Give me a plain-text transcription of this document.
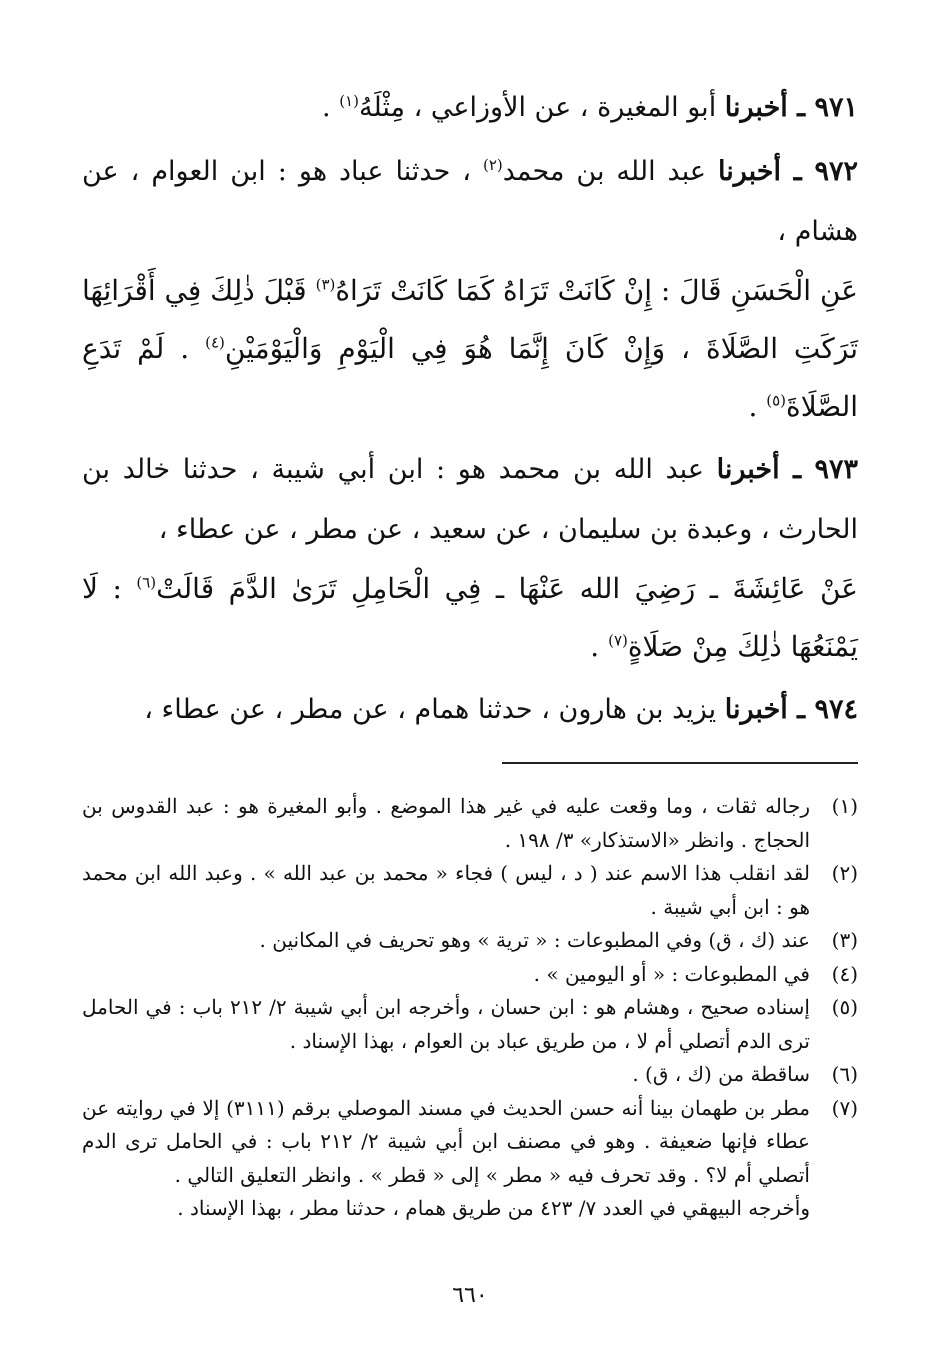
٩٧١ ـ أخبرنا أبو المغيرة ، عن الأوزاعي ، مِثْلَهُ$^{(١)}$ .

٩٧٢ ـ أخبرنا عبد الله بن محمد$^{(٢)}$ ، حدثنا عباد هو : ابن العوام ، عن هشام ،

عَنِ الْحَسَنِ قَالَ : إِنْ كَانَتْ تَرَاهُ كَمَا كَانَتْ تَرَاهُ$^{(٣)}$ قَبْلَ ذٰلِكَ فِي أَقْرَائِهَا تَرَكَتِ الصَّلَاةَ ، وَإِنْ كَانَ إِنَّمَا هُوَ فِي الْيَوْمِ وَالْيَوْمَيْنِ$^{(٤)}$ . لَمْ تَدَعِ الصَّلَاةَ$^{(٥)}$ .

٩٧٣ ـ أخبرنا عبد الله بن محمد هو : ابن أبي شيبة ، حدثنا خالد بن الحارث ، وعبدة بن سليمان ، عن سعيد ، عن مطر ، عن عطاء ،

عَنْ عَائِشَةَ ـ رَضِيَ الله عَنْهَا ـ فِي الْحَامِلِ تَرَىٰ الدَّمَ قَالَتْ$^{(٦)}$ : لَا يَمْنَعُهَا ذٰلِكَ مِنْ صَلَاةٍ$^{(٧)}$ .

٩٧٤ ـ أخبرنا يزيد بن هارون ، حدثنا همام ، عن مطر ، عن عطاء ،

(١)
رجاله ثقات ، وما وقعت عليه في غير هذا الموضع . وأبو المغيرة هو : عبد القدوس بن الحجاج . وانظر «الاستذكار» ٣/ ١٩٨ .
(٢)
لقد انقلب هذا الاسم عند ( د ، ليس ) فجاء « محمد بن عبد الله » . وعبد الله ابن محمد هو : ابن أبي شيبة .
(٣)
عند (ك ، ق) وفي المطبوعات : « ترية » وهو تحريف في المكانين .
(٤)
في المطبوعات : « أو اليومين » .
(٥)
إسناده صحيح ، وهشام هو : ابن حسان ، وأخرجه ابن أبي شيبة ٢/ ٢١٢ باب : في الحامل ترى الدم أتصلي أم لا ، من طريق عباد بن العوام ، بهذا الإسناد .
(٦)
ساقطة من (ك ، ق) .
(٧)
مطر بن طهمان بينا أنه حسن الحديث في مسند الموصلي برقم (٣١١١) إلا في روايته عن عطاء فإنها ضعيفة . وهو في مصنف ابن أبي شيبة ٢/ ٢١٢ باب : في الحامل ترى الدم أتصلي أم لا؟ . وقد تحرف فيه « مطر » إلى « قطر » . وانظر التعليق التالي .
وأخرجه البيهقي في العدد ٧/ ٤٢٣ من طريق همام ، حدثنا مطر ، بهذا الإسناد .
٦٦٠
